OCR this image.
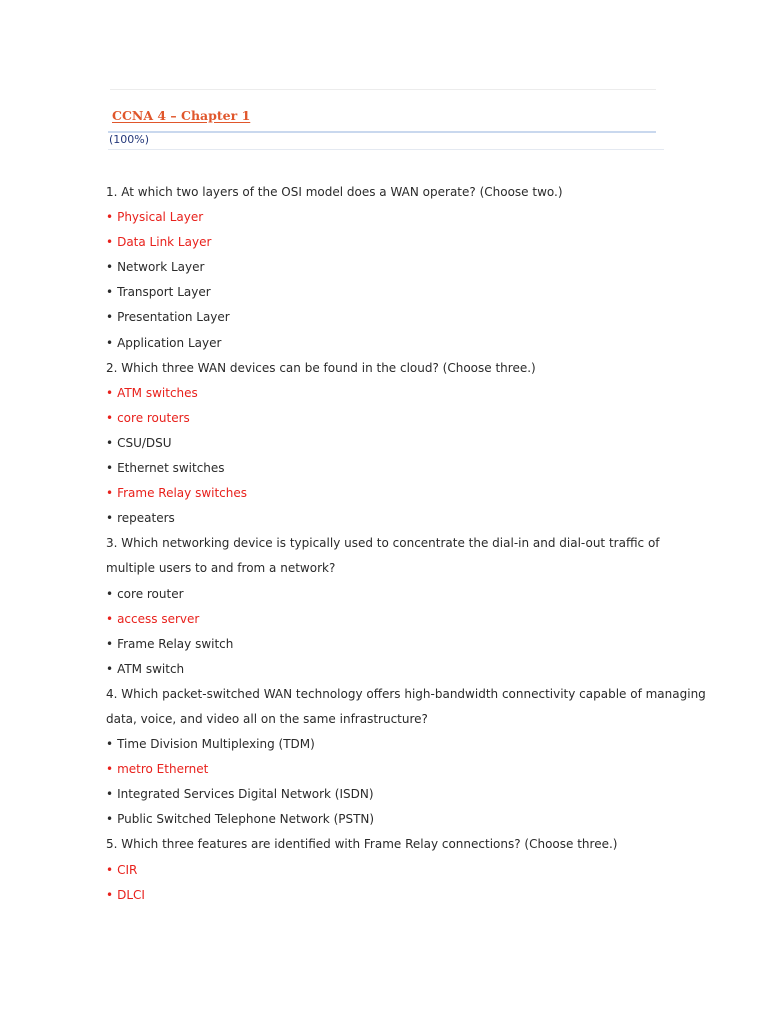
CCNA 4 – Chapter 1
(100%)
1. At which two layers of the OSI model does a WAN operate? (Choose two.)
• Physical Layer
• Data Link Layer
• Network Layer
• Transport Layer
• Presentation Layer
• Application Layer
2. Which three WAN devices can be found in the cloud? (Choose three.)
• ATM switches
• core routers
• CSU/DSU
• Ethernet switches
• Frame Relay switches
• repeaters
3. Which networking device is typically used to concentrate the dial-in and dial-out traffic of
multiple users to and from a network?
• core router
• access server
• Frame Relay switch
• ATM switch
4. Which packet-switched WAN technology offers high-bandwidth connectivity capable of managing
data, voice, and video all on the same infrastructure?
• Time Division Multiplexing (TDM)
• metro Ethernet
• Integrated Services Digital Network (ISDN)
• Public Switched Telephone Network (PSTN)
5. Which three features are identified with Frame Relay connections? (Choose three.)
• CIR
• DLCI
